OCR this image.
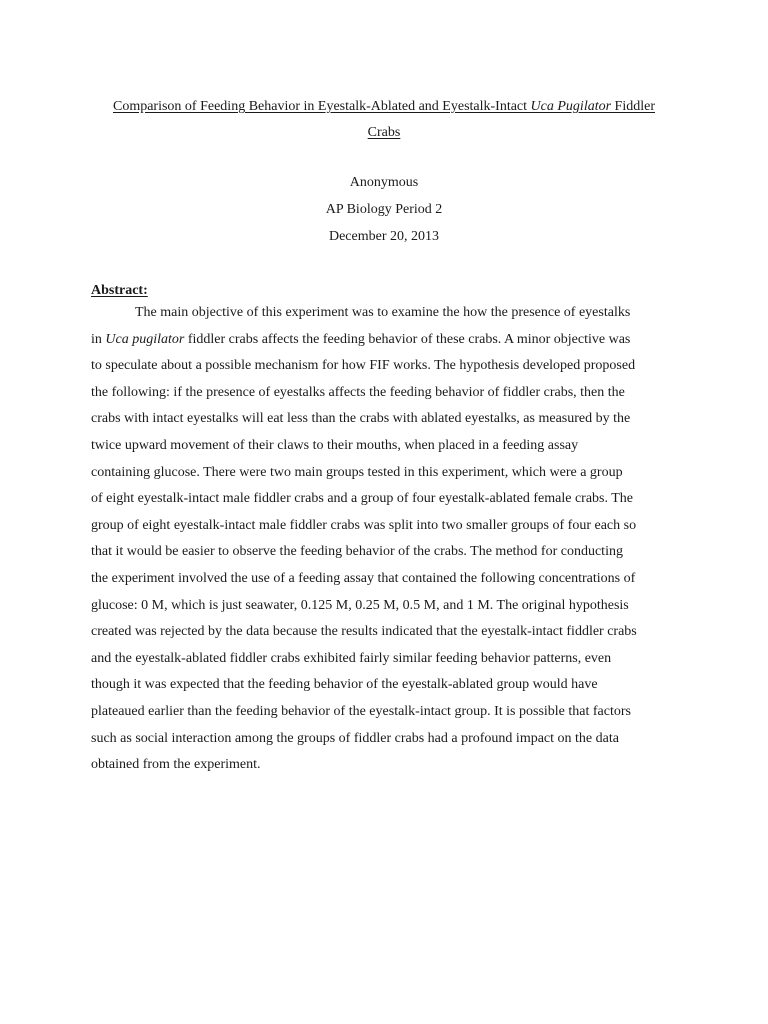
Comparison of Feeding Behavior in Eyestalk-Ablated and Eyestalk-Intact Uca Pugilator Fiddler
Crabs
Anonymous
AP Biology Period 2
December 20, 2013
Abstract:
The main objective of this experiment was to examine the how the presence of eyestalks
in Uca pugilator fiddler crabs affects the feeding behavior of these crabs. A minor objective was
to speculate about a possible mechanism for how FIF works. The hypothesis developed proposed
the following: if the presence of eyestalks affects the feeding behavior of fiddler crabs, then the
crabs with intact eyestalks will eat less than the crabs with ablated eyestalks, as measured by the
twice upward movement of their claws to their mouths, when placed in a feeding assay
containing glucose. There were two main groups tested in this experiment, which were a group
of eight eyestalk-intact male fiddler crabs and a group of four eyestalk-ablated female crabs. The
group of eight eyestalk-intact male fiddler crabs was split into two smaller groups of four each so
that it would be easier to observe the feeding behavior of the crabs. The method for conducting
the experiment involved the use of a feeding assay that contained the following concentrations of
glucose: 0 M, which is just seawater, 0.125 M, 0.25 M, 0.5 M, and 1 M. The original hypothesis
created was rejected by the data because the results indicated that the eyestalk-intact fiddler crabs
and the eyestalk-ablated fiddler crabs exhibited fairly similar feeding behavior patterns, even
though it was expected that the feeding behavior of the eyestalk-ablated group would have
plateaued earlier than the feeding behavior of the eyestalk-intact group. It is possible that factors
such as social interaction among the groups of fiddler crabs had a profound impact on the data
obtained from the experiment.
